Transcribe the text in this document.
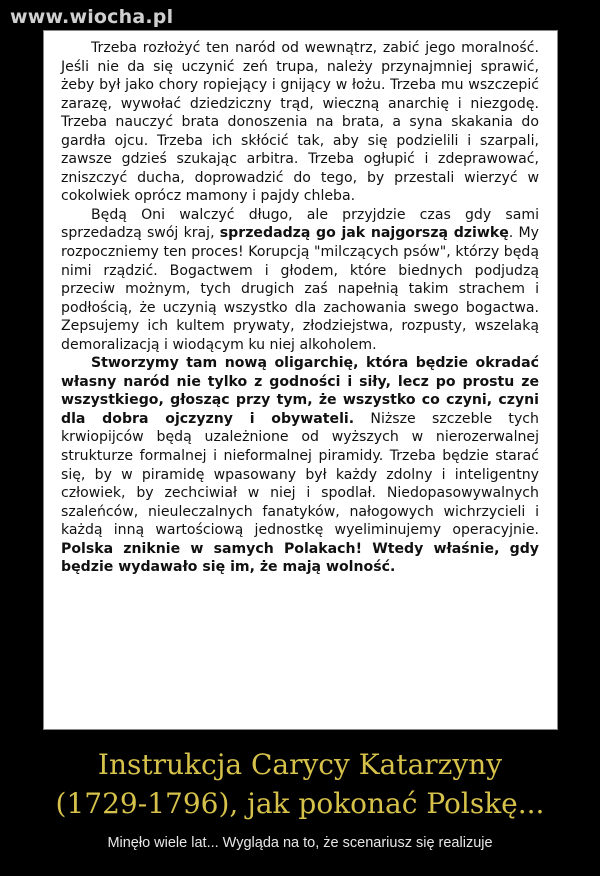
www.wiocha.pl

Trzeba rozłożyć ten naród od wewnątrz, zabić jego moralność. Jeśli nie da się uczynić zeń trupa, należy przynajmniej sprawić, żeby był jako chory ropiejący i gnijący w łożu. Trzeba mu wszczepić zarazę, wywołać dziedziczny trąd, wieczną anarchię i niezgodę. Trzeba nauczyć brata donoszenia na brata, a syna skakania do gardła ojcu. Trzeba ich skłócić tak, aby się podzielili i szarpali, zawsze gdzieś szukając arbitra. Trzeba ogłupić i zdeprawować, zniszczyć ducha, doprowadzić do tego, by przestali wierzyć w cokolwiek oprócz mamony i pajdy chleba.

Będą Oni walczyć długo, ale przyjdzie czas gdy sami sprzedadzą swój kraj, sprzedadzą go jak najgorszą dziwkę. My rozpoczniemy ten proces! Korupcją "milczących psów", którzy będą nimi rządzić. Bogactwem i głodem, które biednych podjudzą przeciw możnym, tych drugich zaś napełnią takim strachem i podłością, że uczynią wszystko dla zachowania swego bogactwa. Zepsujemy ich kultem prywaty, złodziejstwa, rozpusty, wszelaką demoralizacją i wiodącym ku niej alkoholem.

Stworzymy tam nową oligarchię, która będzie okradać własny naród nie tylko z godności i siły, lecz po prostu ze wszystkiego, głosząc przy tym, że wszystko co czyni, czyni dla dobra ojczyzny i obywateli. Niższe szczeble tych krwiopijców będą uzależnione od wyższych w nierozerwalnej strukturze formalnej i nieformalnej piramidy. Trzeba będzie starać się, by w piramidę wpasowany był każdy zdolny i inteligentny człowiek, by zechciwiał w niej i spodlał. Niedopasowywalnych szaleńców, nieuleczalnych fanatyków, nałogowych wichrzycieli i każdą inną wartościową jednostkę wyeliminujemy operacyjnie. Polska zniknie w samych Polakach! Wtedy właśnie, gdy będzie wydawało się im, że mają wolność.

Instrukcja Carycy Katarzyny
(1729-1796), jak pokonać Polskę...
Minęło wiele lat... Wygląda na to, że scenariusz się realizuje
